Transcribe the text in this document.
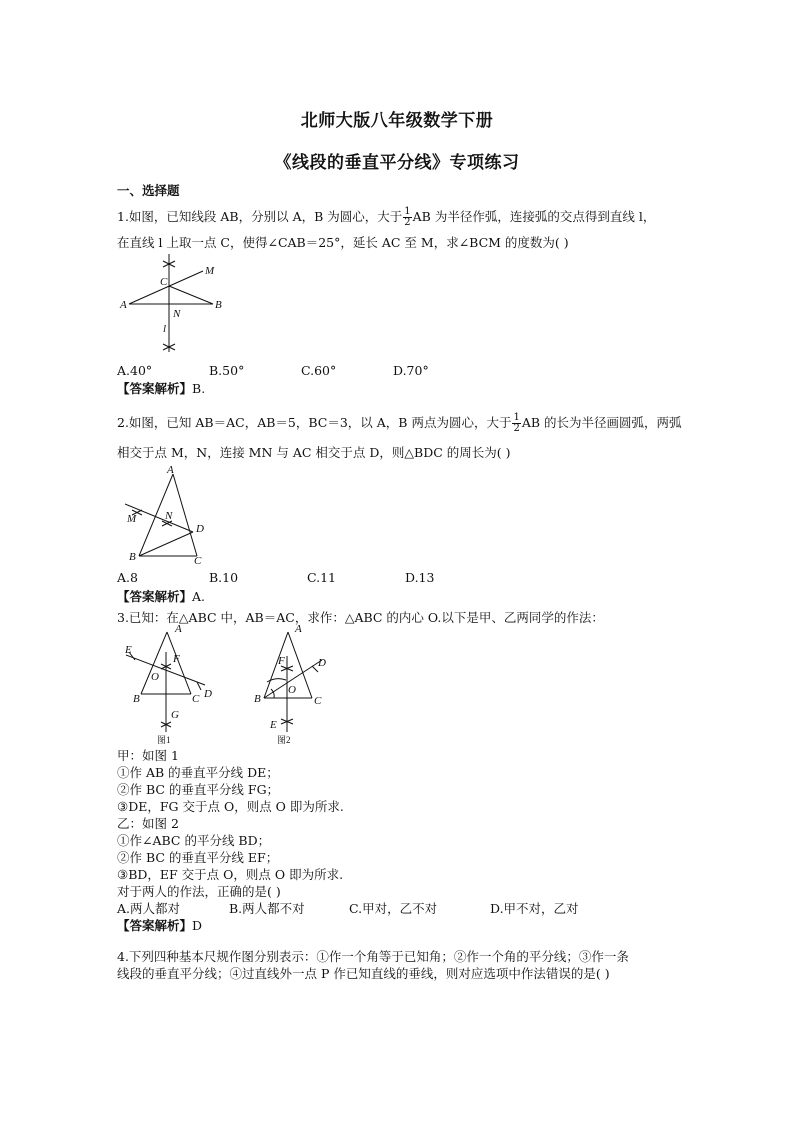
北师大版八年级数学下册
《线段的垂直平分线》专项练习
一、选择题
1.如图，已知线段 AB，分别以 A，B 为圆心，大于 $\frac{1}{2}$ AB 为半径作弧，连接弧的交点得到直线 l，
在直线 l 上取一点 C，使得∠CAB＝25°，延长 AC 至 M，求∠BCM 的度数为( )
A	B
C
M
N
l
A.40°	B.50°	C.60°	D.70°
【答案解析】B.
2.如图，已知 AB＝AC，AB＝5，BC＝3，以 A，B 两点为圆心，大于 $\frac{1}{2}$ AB 的长为半径画圆弧，两弧
相交于点 M，N，连接 MN 与 AC 相交于点 D，则△BDC 的周长为( )
A
B	C
D
M	N
A.8	B.10	C.11	D.13
【答案解析】A.
3.已知：在△ABC 中，AB＝AC，求作：△ABC 的内心 O.以下是甲、乙两同学的作法：
A
B	C D
E
F
G
O
图1
A
B	C
D
E
F
O
图2
甲：如图 1
①作 AB 的垂直平分线 DE；
②作 BC 的垂直平分线 FG；
③DE，FG 交于点 O，则点 O 即为所求.
乙：如图 2
①作∠ABC 的平分线 BD；
②作 BC 的垂直平分线 EF；
③BD，EF 交于点 O，则点 O 即为所求.
对于两人的作法，正确的是( )
A.两人都对	B.两人都不对	C.甲对，乙不对	D.甲不对，乙对
【答案解析】D
4.下列四种基本尺规作图分别表示：①作一个角等于已知角；②作一个角的平分线；③作一条
线段的垂直平分线；④过直线外一点 P 作已知直线的垂线，则对应选项中作法错误的是( )
